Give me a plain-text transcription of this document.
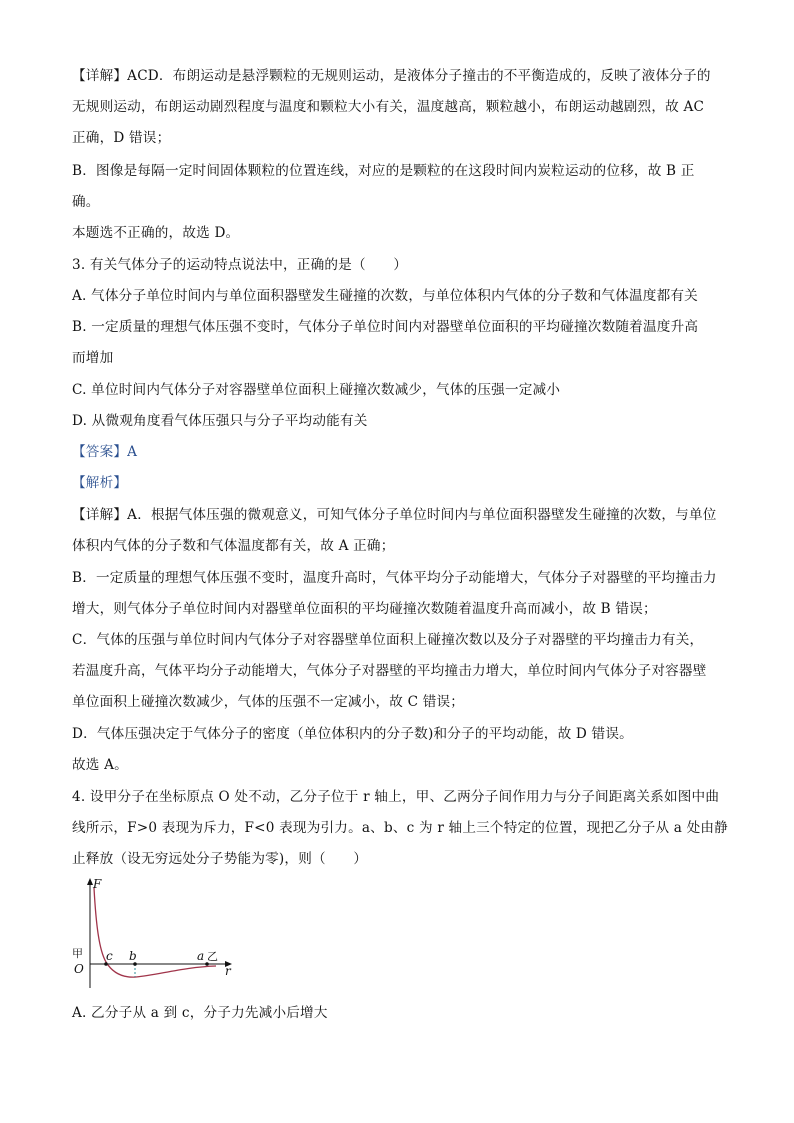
【详解】ACD．布朗运动是悬浮颗粒的无规则运动，是液体分子撞击的不平衡造成的，反映了液体分子的
无规则运动，布朗运动剧烈程度与温度和颗粒大小有关，温度越高，颗粒越小，布朗运动越剧烈，故 AC
正确，D 错误；
B．图像是每隔一定时间固体颗粒的位置连线，对应的是颗粒的在这段时间内炭粒运动的位移，故 B 正
确。
本题选不正确的，故选 D。
3. 有关气体分子的运动特点说法中，正确的是（　　）
A. 气体分子单位时间内与单位面积器壁发生碰撞的次数，与单位体积内气体的分子数和气体温度都有关
B. 一定质量的理想气体压强不变时，气体分子单位时间内对器壁单位面积的平均碰撞次数随着温度升高
而增加
C. 单位时间内气体分子对容器壁单位面积上碰撞次数减少，气体的压强一定减小
D. 从微观角度看气体压强只与分子平均动能有关
【答案】A
【解析】
【详解】A．根据气体压强的微观意义，可知气体分子单位时间内与单位面积器壁发生碰撞的次数，与单位
体积内气体的分子数和气体温度都有关，故 A 正确；
B．一定质量的理想气体压强不变时，温度升高时，气体平均分子动能增大，气体分子对器壁的平均撞击力
增大，则气体分子单位时间内对器壁单位面积的平均碰撞次数随着温度升高而减小，故 B 错误；
C．气体的压强与单位时间内气体分子对容器壁单位面积上碰撞次数以及分子对器壁的平均撞击力有关，
若温度升高，气体平均分子动能增大，气体分子对器壁的平均撞击力增大，单位时间内气体分子对容器壁
单位面积上碰撞次数减少，气体的压强不一定减小，故 C 错误；
D．气体压强决定于气体分子的密度（单位体积内的分子数)和分子的平均动能，故 D 错误。
故选 A。
4. 设甲分子在坐标原点 O 处不动，乙分子位于 r 轴上，甲、乙两分子间作用力与分子间距离关系如图中曲
线所示，F>0 表现为斥力，F<0 表现为引力。a、b、c 为 r 轴上三个特定的位置，现把乙分子从 a 处由静
止释放（设无穷远处分子势能为零)，则（　　）
F
r
O
甲 c b	a 乙
A. 乙分子从 a 到 c，分子力先减小后增大
